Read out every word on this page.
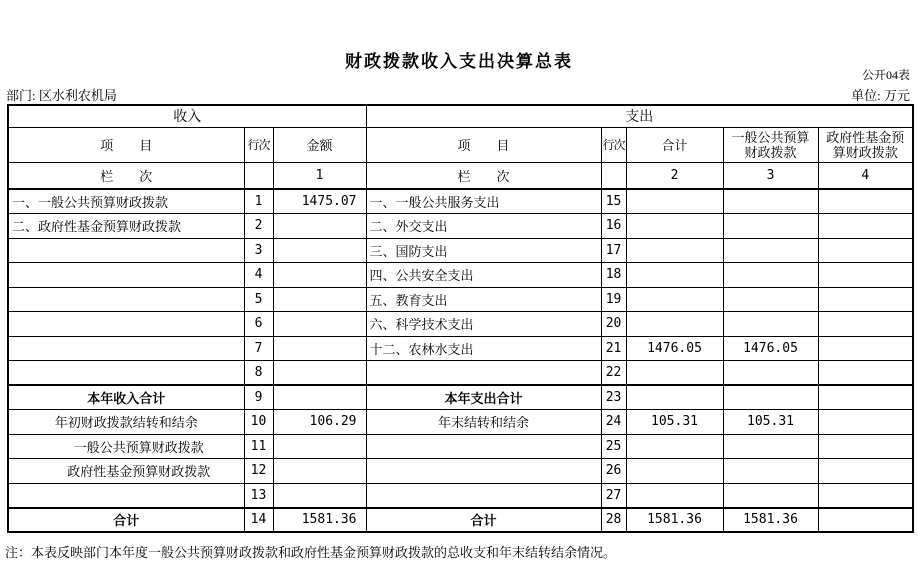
财政拨款收入支出决算总表
公开04表
部门: 区水利农机局	单位: 万元
收入			支出				
项　　目	行次	金额	项　　目	行次	合计	一般公共预算财政拨款	政府性基金预算财政拨款
栏　　次		1	栏　　次		2	3	4
一、一般公共预算财政拨款	1	1475.07	一、一般公共服务支出	15			
二、政府性基金预算财政拨款	2		二、外交支出	16			
	3		三、国防支出	17			
	4		四、公共安全支出	18			
	5		五、教育支出	19			
	6		六、科学技术支出	20			
	7		十二、农林水支出	21	1476.05	1476.05	
	8			22			
本年收入合计	9		本年支出合计	23			
年初财政拨款结转和结余	10	106.29	年末结转和结余	24	105.31	105.31	
一般公共预算财政拨款	11			25			
政府性基金预算财政拨款	12			26			
	13			27			
合计	14	1581.36	合计	28	1581.36	1581.36	
注：本表反映部门本年度一般公共预算财政拨款和政府性基金预算财政拨款的总收支和年末结转结余情况。
